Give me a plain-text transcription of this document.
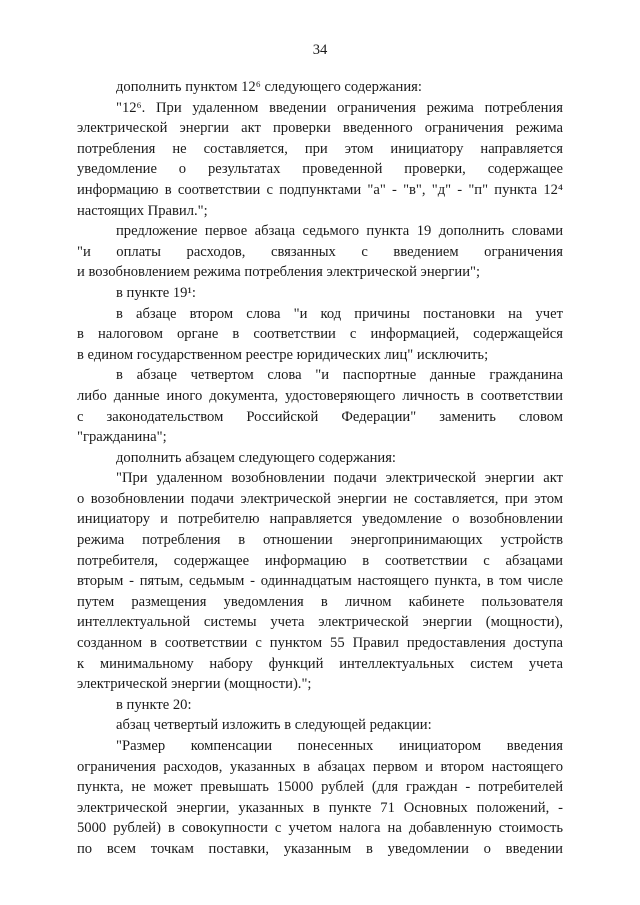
34
дополнить пунктом 12⁶ следующего содержания:
"12⁶. При удаленном введении ограничения режима потребления
электрической энергии акт проверки введенного ограничения режима
потребления не составляется, при этом инициатору направляется
уведомление о результатах проведенной проверки, содержащее
информацию в соответствии с подпунктами "а" - "в", "д" - "п" пункта 12⁴
настоящих Правил.";
предложение первое абзаца седьмого пункта 19 дополнить словами
"и оплаты расходов, связанных с введением ограничения
и возобновлением режима потребления электрической энергии";
в пункте 19¹:
в абзаце втором слова "и код причины постановки на учет
в налоговом органе в соответствии с информацией, содержащейся
в едином государственном реестре юридических лиц" исключить;
в абзаце четвертом слова "и паспортные данные гражданина
либо данные иного документа, удостоверяющего личность в соответствии
с законодательством Российской Федерации" заменить словом
"гражданина";
дополнить абзацем следующего содержания:
"При удаленном возобновлении подачи электрической энергии акт
о возобновлении подачи электрической энергии не составляется, при этом
инициатору и потребителю направляется уведомление о возобновлении
режима потребления в отношении энергопринимающих устройств
потребителя, содержащее информацию в соответствии с абзацами
вторым - пятым, седьмым - одиннадцатым настоящего пункта, в том числе
путем размещения уведомления в личном кабинете пользователя
интеллектуальной системы учета электрической энергии (мощности),
созданном в соответствии с пунктом 55 Правил предоставления доступа
к минимальному набору функций интеллектуальных систем учета
электрической энергии (мощности).";
в пункте 20:
абзац четвертый изложить в следующей редакции:
"Размер компенсации понесенных инициатором введения
ограничения расходов, указанных в абзацах первом и втором настоящего
пункта, не может превышать 15000 рублей (для граждан - потребителей
электрической энергии, указанных в пункте 71 Основных положений, -
5000 рублей) в совокупности с учетом налога на добавленную стоимость
по всем точкам поставки, указанным в уведомлении о введении
